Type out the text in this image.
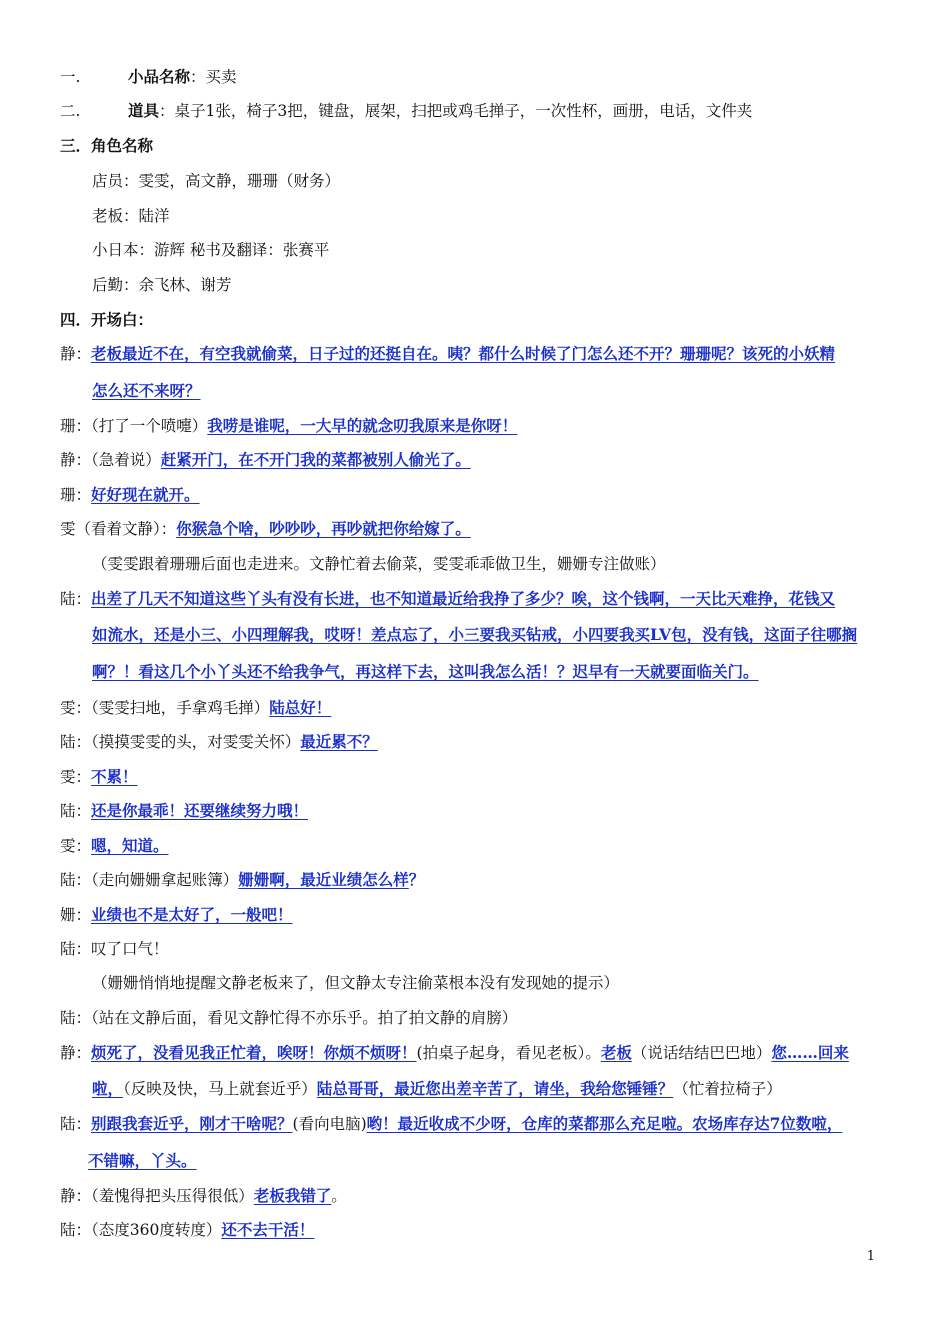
一.	小品名称：买卖
二.	道具：桌子1张，椅子3把，键盘，展架，扫把或鸡毛掸子，一次性杯，画册，电话，文件夹
三．角色名称
店员：雯雯，高文静，珊珊（财务）
老板：陆洋
小日本：游辉 秘书及翻译：张赛平
后勤：余飞林、谢芳
四．开场白：
静：老板最近不在，有空我就偷菜，日子过的还挺自在。咦？都什么时候了门怎么还不开？珊珊呢？该死的小妖精
怎么还不来呀？
珊：（打了一个喷嚏）我唠是谁呢，一大早的就念叨我原来是你呀！
静：（急着说）赶紧开门，在不开门我的菜都被别人偷光了。
珊：好好现在就开。
雯（看着文静）：你猴急个啥，吵吵吵，再吵就把你给嫁了。
（雯雯跟着珊珊后面也走进来。文静忙着去偷菜，雯雯乖乖做卫生，姗姗专注做账）
陆：出差了几天不知道这些丫头有没有长进，也不知道最近给我挣了多少？唉，这个钱啊，一天比天难挣，花钱又
如流水，还是小三、小四理解我，哎呀！差点忘了，小三要我买钻戒，小四要我买LV包，没有钱，这面子往哪搁
啊？！看这几个小丫头还不给我争气，再这样下去，这叫我怎么活！？迟早有一天就要面临关门。
雯：（雯雯扫地，手拿鸡毛掸）陆总好！
陆：（摸摸雯雯的头，对雯雯关怀）最近累不？
雯：不累！
陆：还是你最乖！还要继续努力哦！
雯：嗯，知道。
陆：（走向姗姗拿起账簿）姗姗啊，最近业绩怎么样？
姗：业绩也不是太好了，一般吧！
陆：叹了口气！
（姗姗悄悄地提醒文静老板来了，但文静太专注偷菜根本没有发现她的提示）
陆：（站在文静后面，看见文静忙得不亦乐乎。拍了拍文静的肩膀）
静：烦死了，没看见我正忙着，唉呀！你烦不烦呀！(拍桌子起身，看见老板）。老板（说话结结巴巴地）您……回来
啦，（反映及快，马上就套近乎）陆总哥哥，最近您出差辛苦了，请坐，我给您锤锤？（忙着拉椅子）
陆：别跟我套近乎，刚才干啥呢？(看向电脑)哟！最近收成不少呀，仓库的菜都那么充足啦。农场库存达7位数啦，
不错嘛，丫头。
静：（羞愧得把头压得很低）老板我错了。
陆：（态度360度转度）还不去干活！
1
